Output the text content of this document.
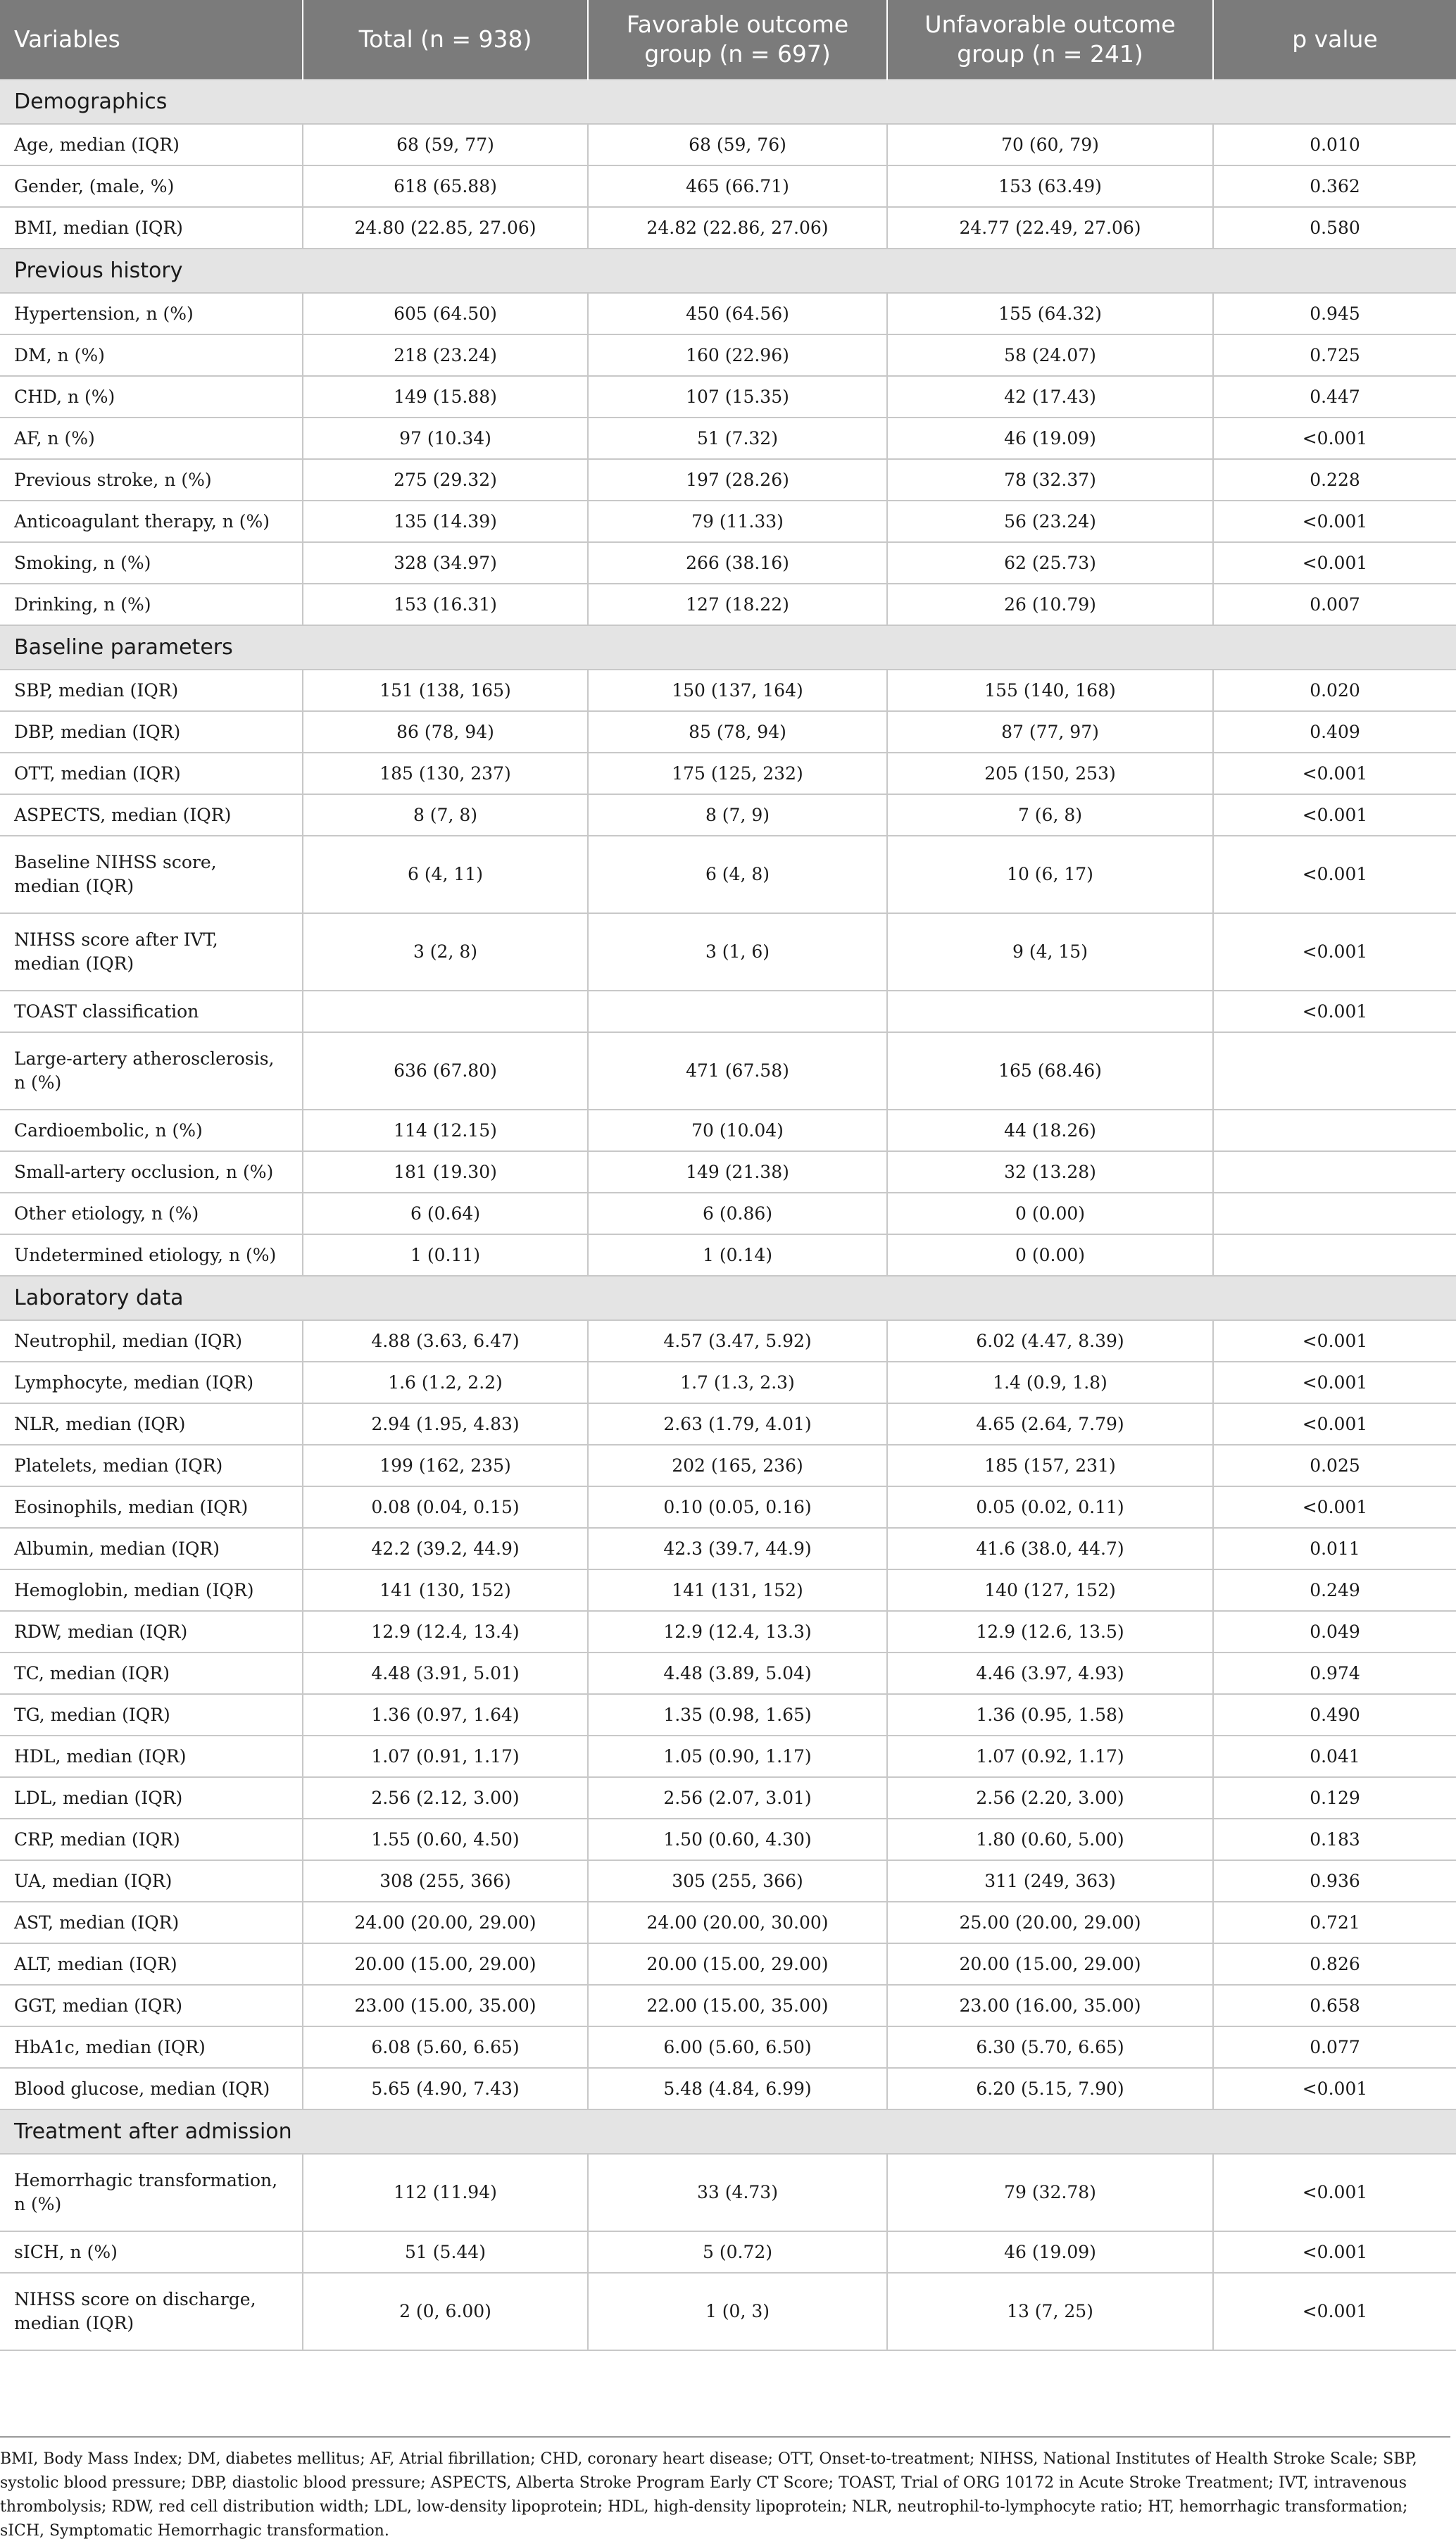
Variables	Total (n = 938)	Favorable outcome group (n = 697)	Unfavorable outcome group (n = 241)	p value
Demographics				
Age, median (IQR)	68 (59, 77)	68 (59, 76)	70 (60, 79)	0.010
Gender, (male, %)	618 (65.88)	465 (66.71)	153 (63.49)	0.362
BMI, median (IQR)	24.80 (22.85, 27.06)	24.82 (22.86, 27.06)	24.77 (22.49, 27.06)	0.580
Previous history				
Hypertension, n (%)	605 (64.50)	450 (64.56)	155 (64.32)	0.945
DM, n (%)	218 (23.24)	160 (22.96)	58 (24.07)	0.725
CHD, n (%)	149 (15.88)	107 (15.35)	42 (17.43)	0.447
AF, n (%)	97 (10.34)	51 (7.32)	46 (19.09)	<0.001
Previous stroke, n (%)	275 (29.32)	197 (28.26)	78 (32.37)	0.228
Anticoagulant therapy, n (%)	135 (14.39)	79 (11.33)	56 (23.24)	<0.001
Smoking, n (%)	328 (34.97)	266 (38.16)	62 (25.73)	<0.001
Drinking, n (%)	153 (16.31)	127 (18.22)	26 (10.79)	0.007
Baseline parameters				
SBP, median (IQR)	151 (138, 165)	150 (137, 164)	155 (140, 168)	0.020
DBP, median (IQR)	86 (78, 94)	85 (78, 94)	87 (77, 97)	0.409
OTT, median (IQR)	185 (130, 237)	175 (125, 232)	205 (150, 253)	<0.001
ASPECTS, median (IQR)	8 (7, 8)	8 (7, 9)	7 (6, 8)	<0.001
Baseline NIHSS score, median (IQR)	6 (4, 11)	6 (4, 8)	10 (6, 17)	<0.001
NIHSS score after IVT, median (IQR)	3 (2, 8)	3 (1, 6)	9 (4, 15)	<0.001
TOAST classification				<0.001
Large-artery atherosclerosis, n (%)	636 (67.80)	471 (67.58)	165 (68.46)	
Cardioembolic, n (%)	114 (12.15)	70 (10.04)	44 (18.26)	
Small-artery occlusion, n (%)	181 (19.30)	149 (21.38)	32 (13.28)	
Other etiology, n (%)	6 (0.64)	6 (0.86)	0 (0.00)	
Undetermined etiology, n (%)	1 (0.11)	1 (0.14)	0 (0.00)	
Laboratory data				
Neutrophil, median (IQR)	4.88 (3.63, 6.47)	4.57 (3.47, 5.92)	6.02 (4.47, 8.39)	<0.001
Lymphocyte, median (IQR)	1.6 (1.2, 2.2)	1.7 (1.3, 2.3)	1.4 (0.9, 1.8)	<0.001
NLR, median (IQR)	2.94 (1.95, 4.83)	2.63 (1.79, 4.01)	4.65 (2.64, 7.79)	<0.001
Platelets, median (IQR)	199 (162, 235)	202 (165, 236)	185 (157, 231)	0.025
Eosinophils, median (IQR)	0.08 (0.04, 0.15)	0.10 (0.05, 0.16)	0.05 (0.02, 0.11)	<0.001
Albumin, median (IQR)	42.2 (39.2, 44.9)	42.3 (39.7, 44.9)	41.6 (38.0, 44.7)	0.011
Hemoglobin, median (IQR)	141 (130, 152)	141 (131, 152)	140 (127, 152)	0.249
RDW, median (IQR)	12.9 (12.4, 13.4)	12.9 (12.4, 13.3)	12.9 (12.6, 13.5)	0.049
TC, median (IQR)	4.48 (3.91, 5.01)	4.48 (3.89, 5.04)	4.46 (3.97, 4.93)	0.974
TG, median (IQR)	1.36 (0.97, 1.64)	1.35 (0.98, 1.65)	1.36 (0.95, 1.58)	0.490
HDL, median (IQR)	1.07 (0.91, 1.17)	1.05 (0.90, 1.17)	1.07 (0.92, 1.17)	0.041
LDL, median (IQR)	2.56 (2.12, 3.00)	2.56 (2.07, 3.01)	2.56 (2.20, 3.00)	0.129
CRP, median (IQR)	1.55 (0.60, 4.50)	1.50 (0.60, 4.30)	1.80 (0.60, 5.00)	0.183
UA, median (IQR)	308 (255, 366)	305 (255, 366)	311 (249, 363)	0.936
AST, median (IQR)	24.00 (20.00, 29.00)	24.00 (20.00, 30.00)	25.00 (20.00, 29.00)	0.721
ALT, median (IQR)	20.00 (15.00, 29.00)	20.00 (15.00, 29.00)	20.00 (15.00, 29.00)	0.826
GGT, median (IQR)	23.00 (15.00, 35.00)	22.00 (15.00, 35.00)	23.00 (16.00, 35.00)	0.658
HbA1c, median (IQR)	6.08 (5.60, 6.65)	6.00 (5.60, 6.50)	6.30 (5.70, 6.65)	0.077
Blood glucose, median (IQR)	5.65 (4.90, 7.43)	5.48 (4.84, 6.99)	6.20 (5.15, 7.90)	<0.001
Treatment after admission				
Hemorrhagic transformation, n (%)	112 (11.94)	33 (4.73)	79 (32.78)	<0.001
sICH, n (%)	51 (5.44)	5 (0.72)	46 (19.09)	<0.001
NIHSS score on discharge, median (IQR)	2 (0, 6.00)	1 (0, 3)	13 (7, 25)	<0.001
BMI, Body Mass Index; DM, diabetes mellitus; AF, Atrial fibrillation; CHD, coronary heart disease; OTT, Onset-to-treatment; NIHSS, National Institutes of Health Stroke Scale; SBP, systolic blood pressure; DBP, diastolic blood pressure; ASPECTS, Alberta Stroke Program Early CT Score; TOAST, Trial of ORG 10172 in Acute Stroke Treatment; IVT, intravenous thrombolysis; RDW, red cell distribution width; LDL, low-density lipoprotein; HDL, high-density lipoprotein; NLR, neutrophil-to-lymphocyte ratio; HT, hemorrhagic transformation; sICH, Symptomatic Hemorrhagic transformation.
